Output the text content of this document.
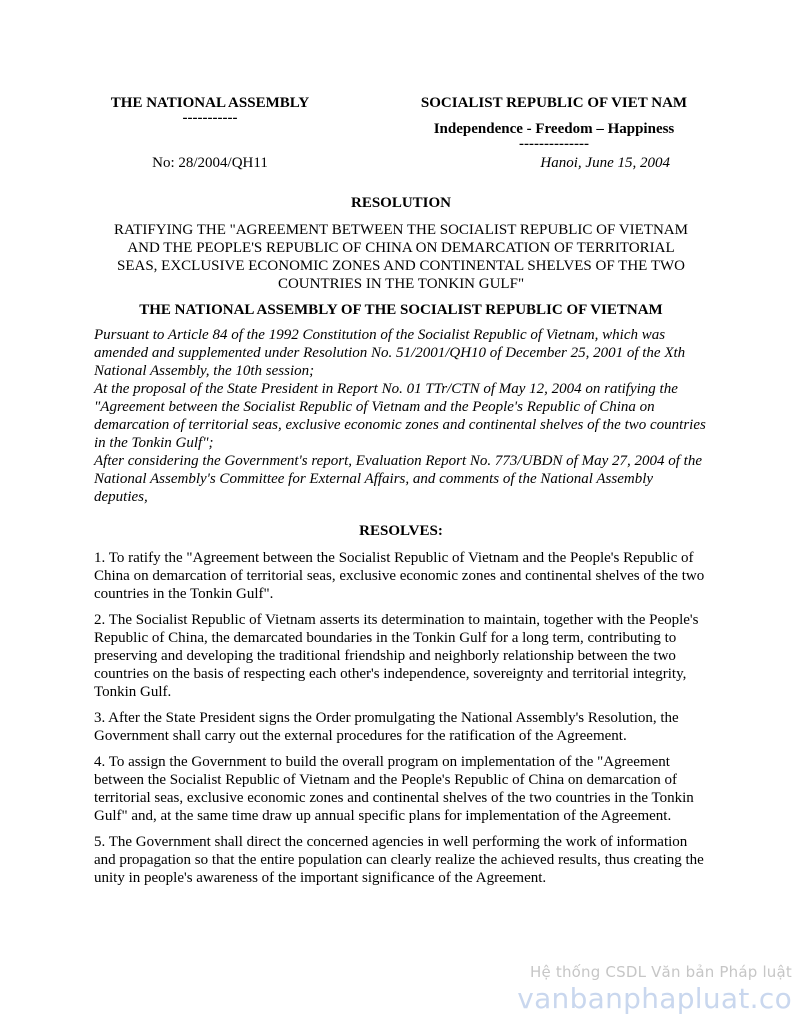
THE NATIONAL ASSEMBLY
-----------
SOCIALIST REPUBLIC OF VIET NAM
Independence - Freedom – Happiness
--------------
No: 28/2004/QH11	Hanoi, June 15, 2004
RESOLUTION
RATIFYING THE "AGREEMENT BETWEEN THE SOCIALIST REPUBLIC OF VIETNAM
AND THE PEOPLE'S REPUBLIC OF CHINA ON DEMARCATION OF TERRITORIAL
SEAS, EXCLUSIVE ECONOMIC ZONES AND CONTINENTAL SHELVES OF THE TWO
COUNTRIES IN THE TONKIN GULF"
THE NATIONAL ASSEMBLY OF THE SOCIALIST REPUBLIC OF VIETNAM

Pursuant to Article 84 of the 1992 Constitution of the Socialist Republic of Vietnam, which was amended and supplemented under Resolution No. 51/2001/QH10 of December 25, 2001 of the Xth National Assembly, the 10th session;

At the proposal of the State President in Report No. 01 TTr/CTN of May 12, 2004 on ratifying the "Agreement between the Socialist Republic of Vietnam and the People's Republic of China on demarcation of territorial seas, exclusive economic zones and continental shelves of the two countries in the Tonkin Gulf";

After considering the Government's report, Evaluation Report No. 773/UBDN of May 27, 2004 of the National Assembly's Committee for External Affairs, and comments of the National Assembly deputies,

RESOLVES:

1. To ratify the "Agreement between the Socialist Republic of Vietnam and the People's Republic of China on demarcation of territorial seas, exclusive economic zones and continental shelves of the two countries in the Tonkin Gulf".

2. The Socialist Republic of Vietnam asserts its determination to maintain, together with the People's Republic of China, the demarcated boundaries in the Tonkin Gulf for a long term, contributing to preserving and developing the traditional friendship and neighborly relationship between the two countries on the basis of respecting each other's independence, sovereignty and territorial integrity, Tonkin Gulf.

3. After the State President signs the Order promulgating the National Assembly's Resolution, the Government shall carry out the external procedures for the ratification of the Agreement.

4. To assign the Government to build the overall program on implementation of the "Agreement between the Socialist Republic of Vietnam and the People's Republic of China on demarcation of territorial seas, exclusive economic zones and continental shelves of the two countries in the Tonkin Gulf" and, at the same time draw up annual specific plans for implementation of the Agreement.

5. The Government shall direct the concerned agencies in well performing the work of information and propagation so that the entire population can clearly realize the achieved results, thus creating the unity in people's awareness of the important significance of the Agreement.

Hệ thống CSDL Văn bản Pháp luật
vanbanphapluat.co
